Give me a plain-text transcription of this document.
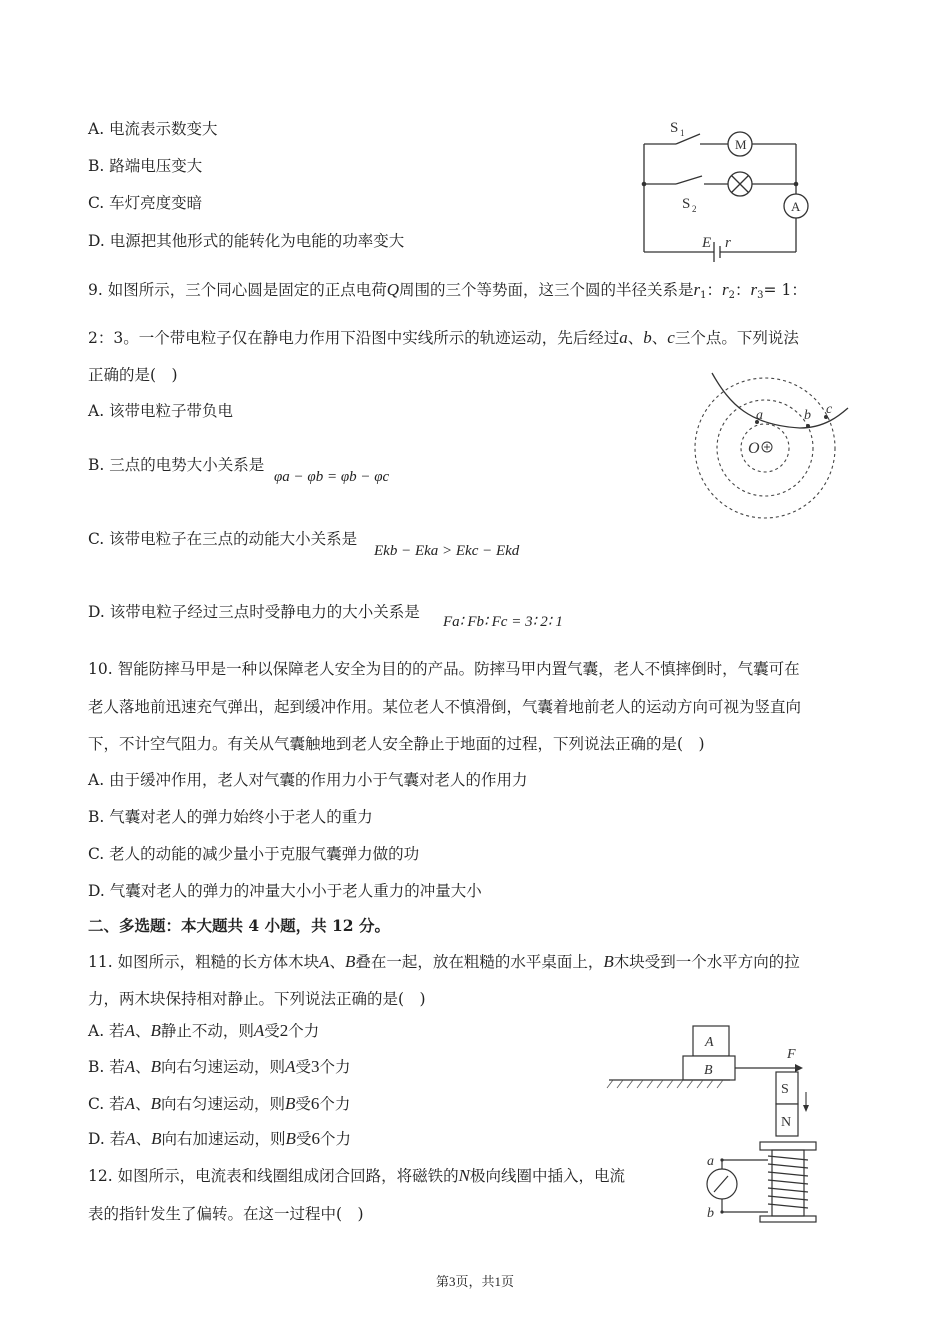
A. 电流表示数变大
B. 路端电压变大
C. 车灯亮度变暗
D. 电源把其他形式的能转化为电能的功率变大
S 1
S 2
M
A
E r
9. 如图所示，三个同心圆是固定的正点电荷Q周围的三个等势面，这三个圆的半径关系是$r_1$：$r_2$：$r_3= 1$：
2：3。一个带电粒子仅在静电力作用下沿图中实线所示的轨迹运动，先后经过a、b、c三个点。下列说法
正确的是(　)
A. 该带电粒子带负电
B. 三点的电势大小关系是
φa − φb = φb − φc
C. 该带电粒子在三点的动能大小关系是
Ekb − Eka > Ekc − Ekd
D. 该带电粒子经过三点时受静电力的大小关系是
Fa∶ Fb∶ Fc = 3∶ 2∶ 1
a	b c
O
10. 智能防摔马甲是一种以保障老人安全为目的的产品。防摔马甲内置气囊，老人不慎摔倒时，气囊可在
老人落地前迅速充气弹出，起到缓冲作用。某位老人不慎滑倒，气囊着地前老人的运动方向可视为竖直向
下，不计空气阻力。有关从气囊触地到老人安全静止于地面的过程，下列说法正确的是(　)
A. 由于缓冲作用，老人对气囊的作用力小于气囊对老人的作用力
B. 气囊对老人的弹力始终小于老人的重力
C. 老人的动能的减少量小于克服气囊弹力做的功
D. 气囊对老人的弹力的冲量大小小于老人重力的冲量大小
二、多选题：本大题共 4 小题，共 12 分。
11. 如图所示，粗糙的长方体木块A、B叠在一起，放在粗糙的水平桌面上，B木块受到一个水平方向的拉
力，两木块保持相对静止。下列说法正确的是(　)
A. 若A、B静止不动，则A受2个力
B. 若A、B向右匀速运动，则A受3个力
C. 若A、B向右匀速运动，则B受6个力
D. 若A、B向右加速运动，则B受6个力
A
B
F
12. 如图所示，电流表和线圈组成闭合回路，将磁铁的N极向线圈中插入，电流
表的指针发生了偏转。在这一过程中(　)
S
N
a
b
第3页，共1页
